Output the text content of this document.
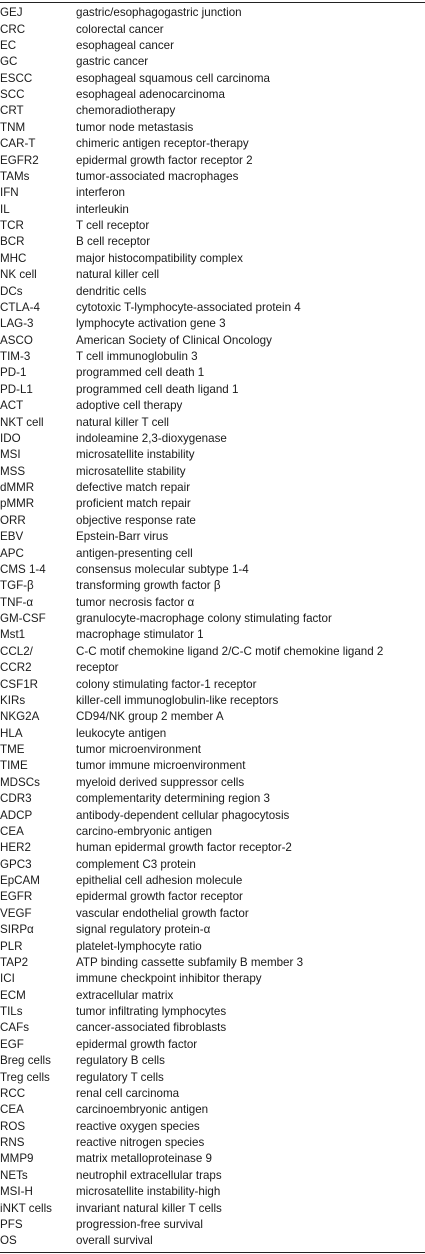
GEJ	gastric/esophagogastric junction
CRC	colorectal cancer
EC	esophageal cancer
GC	gastric cancer
ESCC	esophageal squamous cell carcinoma
SCC	esophageal adenocarcinoma
CRT	chemoradiotherapy
TNM	tumor node metastasis
CAR-T	chimeric antigen receptor-therapy
EGFR2	epidermal growth factor receptor 2
TAMs	tumor-associated macrophages
IFN	interferon
IL	interleukin
TCR	T cell receptor
BCR	B cell receptor
MHC	major histocompatibility complex
NK cell	natural killer cell
DCs	dendritic cells
CTLA-4	cytotoxic T-lymphocyte-associated protein 4
LAG-3	lymphocyte activation gene 3
ASCO	American Society of Clinical Oncology
TIM-3	T cell immunoglobulin 3
PD-1	programmed cell death 1
PD-L1	programmed cell death ligand 1
ACT	adoptive cell therapy
NKT cell	natural killer T cell
IDO	indoleamine 2,3-dioxygenase
MSI	microsatellite instability
MSS	microsatellite stability
dMMR	defective match repair
pMMR	proficient match repair
ORR	objective response rate
EBV	Epstein-Barr virus
APC	antigen-presenting cell
CMS 1-4	consensus molecular subtype 1-4
TGF-β	transforming growth factor β
TNF-α	tumor necrosis factor α
GM-CSF	granulocyte-macrophage colony stimulating factor
Mst1	macrophage stimulator 1
CCL2/	C-C motif chemokine ligand 2/C-C motif chemokine ligand 2
CCR2	receptor
CSF1R	colony stimulating factor-1 receptor
KIRs	killer-cell immunoglobulin-like receptors
NKG2A	CD94/NK group 2 member A
HLA	leukocyte antigen
TME	tumor microenvironment
TIME	tumor immune microenvironment
MDSCs	myeloid derived suppressor cells
CDR3	complementarity determining region 3
ADCP	antibody-dependent cellular phagocytosis
CEA	carcino-embryonic antigen
HER2	human epidermal growth factor receptor-2
GPC3	complement C3 protein
EpCAM	epithelial cell adhesion molecule
EGFR	epidermal growth factor receptor
VEGF	vascular endothelial growth factor
SIRPα	signal regulatory protein-α
PLR	platelet-lymphocyte ratio
TAP2	ATP binding cassette subfamily B member 3
ICI	immune checkpoint inhibitor therapy
ECM	extracellular matrix
TILs	tumor infiltrating lymphocytes
CAFs	cancer-associated fibroblasts
EGF	epidermal growth factor
Breg cells	regulatory B cells
Treg cells	regulatory T cells
RCC	renal cell carcinoma
CEA	carcinoembryonic antigen
ROS	reactive oxygen species
RNS	reactive nitrogen species
MMP9	matrix metalloproteinase 9
NETs	neutrophil extracellular traps
MSI-H	microsatellite instability-high
iNKT cells	invariant natural killer T cells
PFS	progression-free survival
OS	overall survival
